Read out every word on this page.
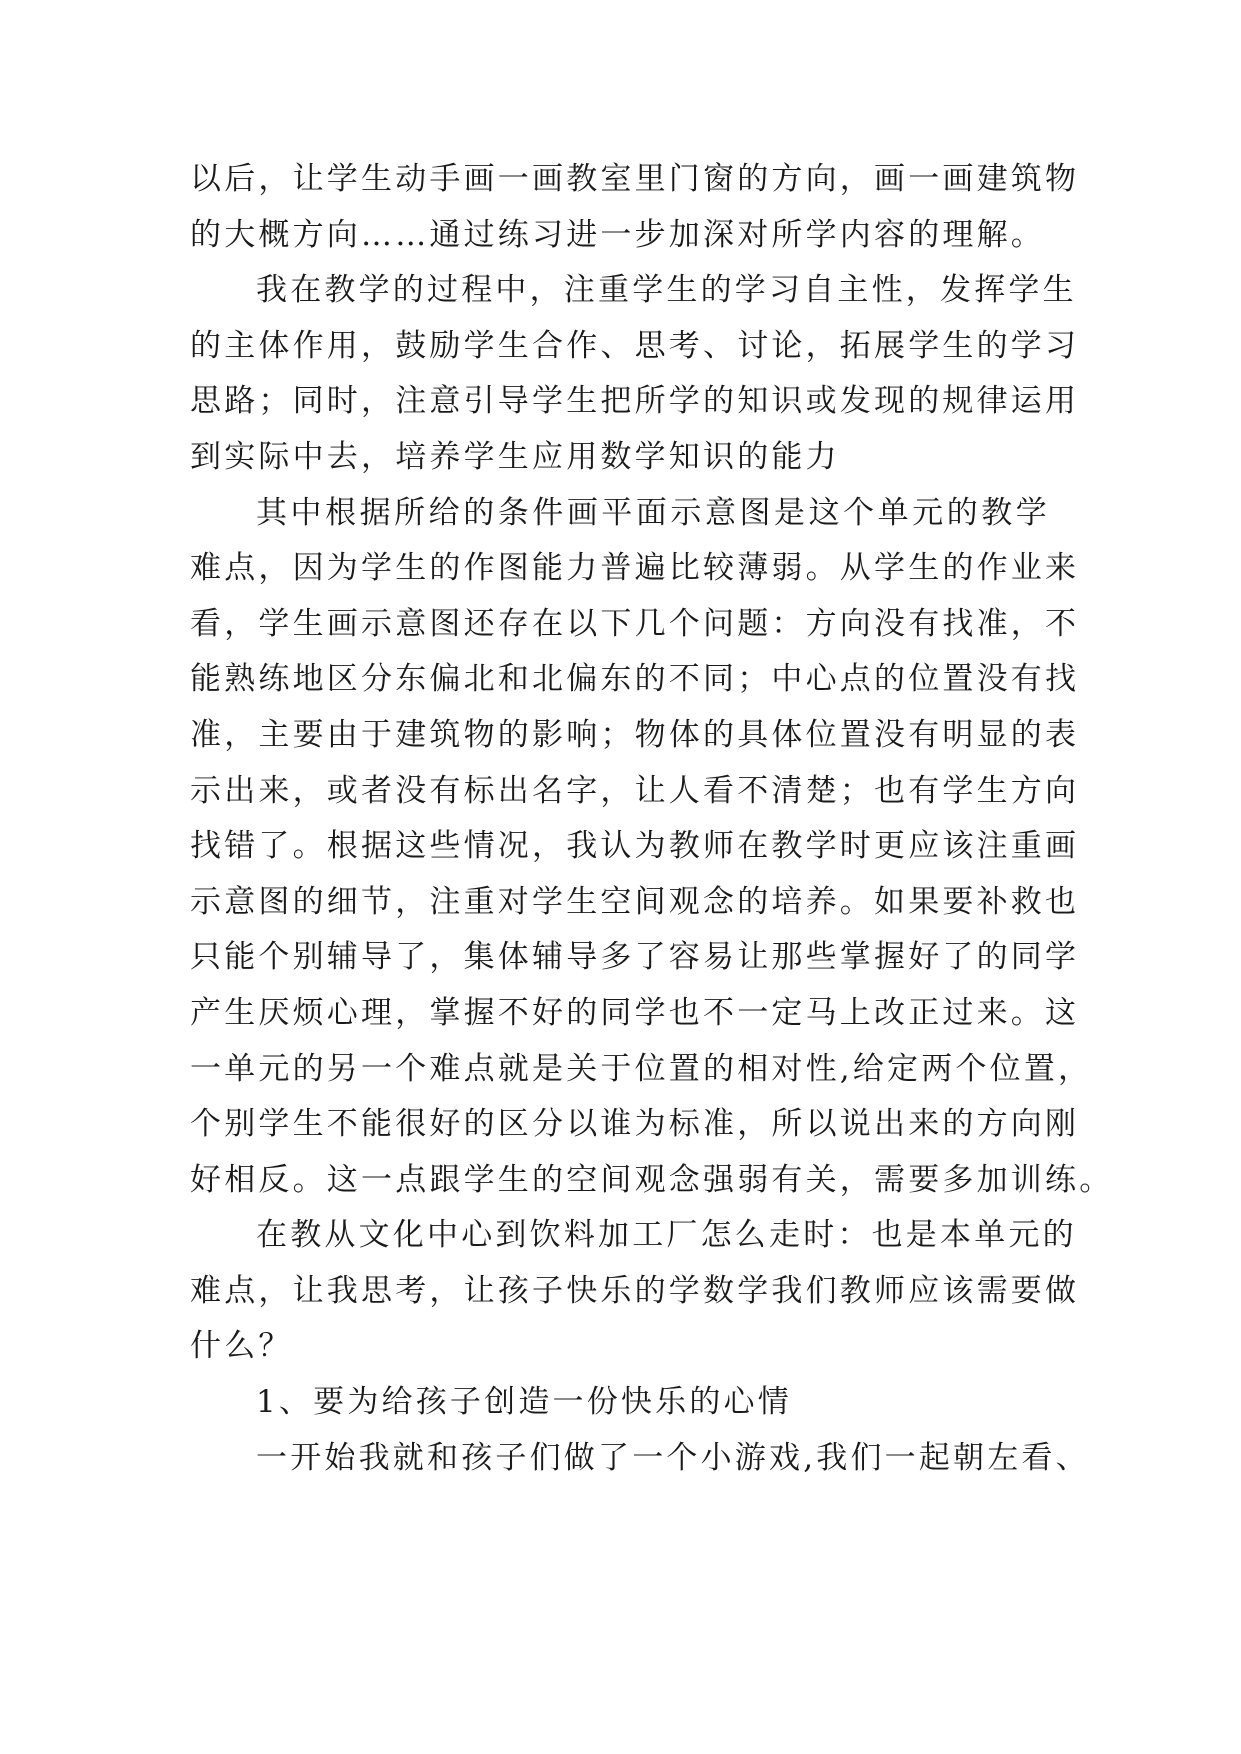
以后，让学生动手画一画教室里门窗的方向，画一画建筑物
的大概方向……通过练习进一步加深对所学内容的理解。
我在教学的过程中，注重学生的学习自主性，发挥学生
的主体作用，鼓励学生合作、思考、讨论，拓展学生的学习
思路；同时，注意引导学生把所学的知识或发现的规律运用
到实际中去，培养学生应用数学知识的能力
其中根据所给的条件画平面示意图是这个单元的教学
难点，因为学生的作图能力普遍比较薄弱。从学生的作业来
看，学生画示意图还存在以下几个问题：方向没有找准，不
能熟练地区分东偏北和北偏东的不同；中心点的位置没有找
准，主要由于建筑物的影响；物体的具体位置没有明显的表
示出来，或者没有标出名字，让人看不清楚；也有学生方向
找错了。根据这些情况，我认为教师在教学时更应该注重画
示意图的细节，注重对学生空间观念的培养。如果要补救也
只能个别辅导了，集体辅导多了容易让那些掌握好了的同学
产生厌烦心理，掌握不好的同学也不一定马上改正过来。这
一单元的另一个难点就是关于位置的相对性,给定两个位置，
个别学生不能很好的区分以谁为标准，所以说出来的方向刚
好相反。这一点跟学生的空间观念强弱有关，需要多加训练。
在教从文化中心到饮料加工厂怎么走时：也是本单元的
难点，让我思考，让孩子快乐的学数学我们教师应该需要做
什么？
1、要为给孩子创造一份快乐的心情
一开始我就和孩子们做了一个小游戏,我们一起朝左看、
